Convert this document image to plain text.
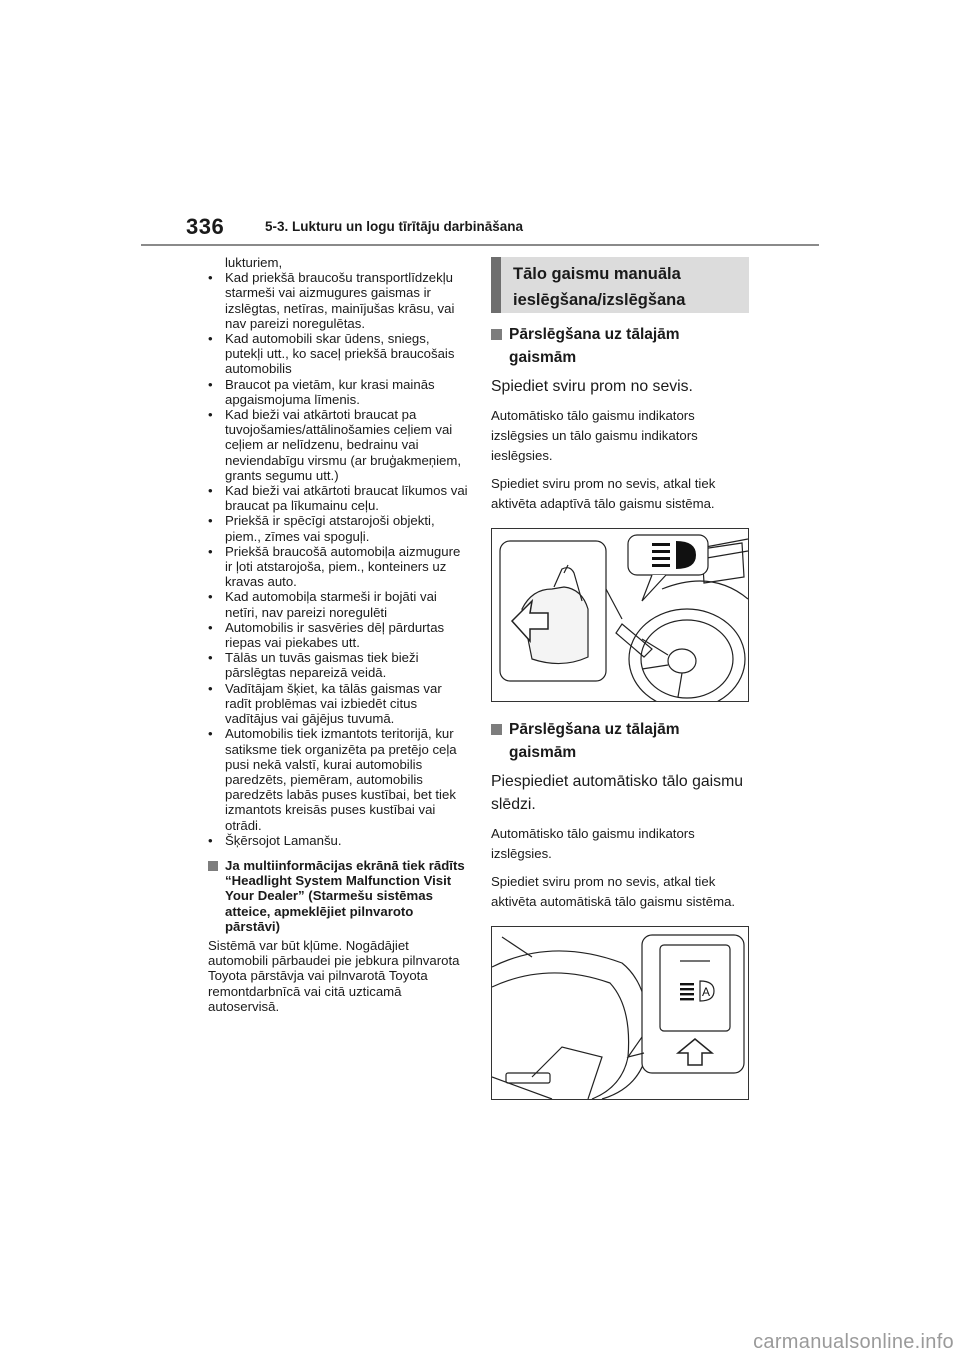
336	5-3. Lukturu un logu tīrītāju darbināšana
lukturiem,
• Kad priekšā braucošu transportlīdzekļu starmeši vai aizmugures gaismas ir izslēgtas, netīras, mainījušas krāsu, vai nav pareizi noregulētas.
• Kad automobili skar ūdens, sniegs, putekļi utt., ko saceļ priekšā braucošais automobilis
• Braucot pa vietām, kur krasi mainās apgaismojuma līmenis.
• Kad bieži vai atkārtoti braucat pa tuvojošamies/attālinošamies ceļiem vai ceļiem ar nelīdzenu, bedrainu vai neviendabīgu virsmu (ar bruģakmeņiem, grants segumu utt.)
• Kad bieži vai atkārtoti braucat līkumos vai braucat pa līkumainu ceļu.
• Priekšā ir spēcīgi atstarojoši objekti, piem., zīmes vai spoguļi.
• Priekšā braucošā automobiļa aizmugure ir ļoti atstarojoša, piem., konteiners uz kravas auto.
• Kad automobiļa starmeši ir bojāti vai netīri, nav pareizi noregulēti
• Automobilis ir sasvēries dēļ pārdurtas riepas vai piekabes utt.
• Tālās un tuvās gaismas tiek bieži pārslēgtas nepareizā veidā.
• Vadītājam šķiet, ka tālās gaismas var radīt problēmas vai izbiedēt citus vadītājus vai gājējus tuvumā.
• Automobilis tiek izmantots teritorijā, kur satiksme tiek organizēta pa pretējo ceļa pusi nekā valstī, kurai automobilis paredzēts, piemēram, automobilis paredzēts labās puses kustībai, bet tiek izmantots kreisās puses kustībai vai otrādi.
• Šķērsojot Lamanšu.
Ja multiinformācijas ekrānā tiek rādīts “Headlight System Malfunction Visit Your Dealer” (Starmešu sistēmas atteice, apmeklējiet pilnvaroto pārstāvi)

Sistēmā var būt kļūme. Nogādājiet automobili pārbaudei pie jebkura pilnvarota Toyota pārstāvja vai pilnvarotā Toyota remontdarbnīcā vai citā uzticamā autoservisā.

Tālo gaismu manuāla
ieslēgšana/izslēgšana
Pārslēgšana uz tālajām
gaismām
Spiediet sviru prom no sevis.
Automātisko tālo gaismu indikators izslēgsies un tālo gaismu indikators ieslēgsies.
Spiediet sviru prom no sevis, atkal tiek aktivēta adaptīvā tālo gaismu sistēma.
Pārslēgšana uz tālajām
gaismām
Piespiediet automātisko tālo gaismu slēdzi.
Automātisko tālo gaismu indikators izslēgsies.
Spiediet sviru prom no sevis, atkal tiek aktivēta automātiskā tālo gaismu sistēma.
A
carmanualsonline.info
